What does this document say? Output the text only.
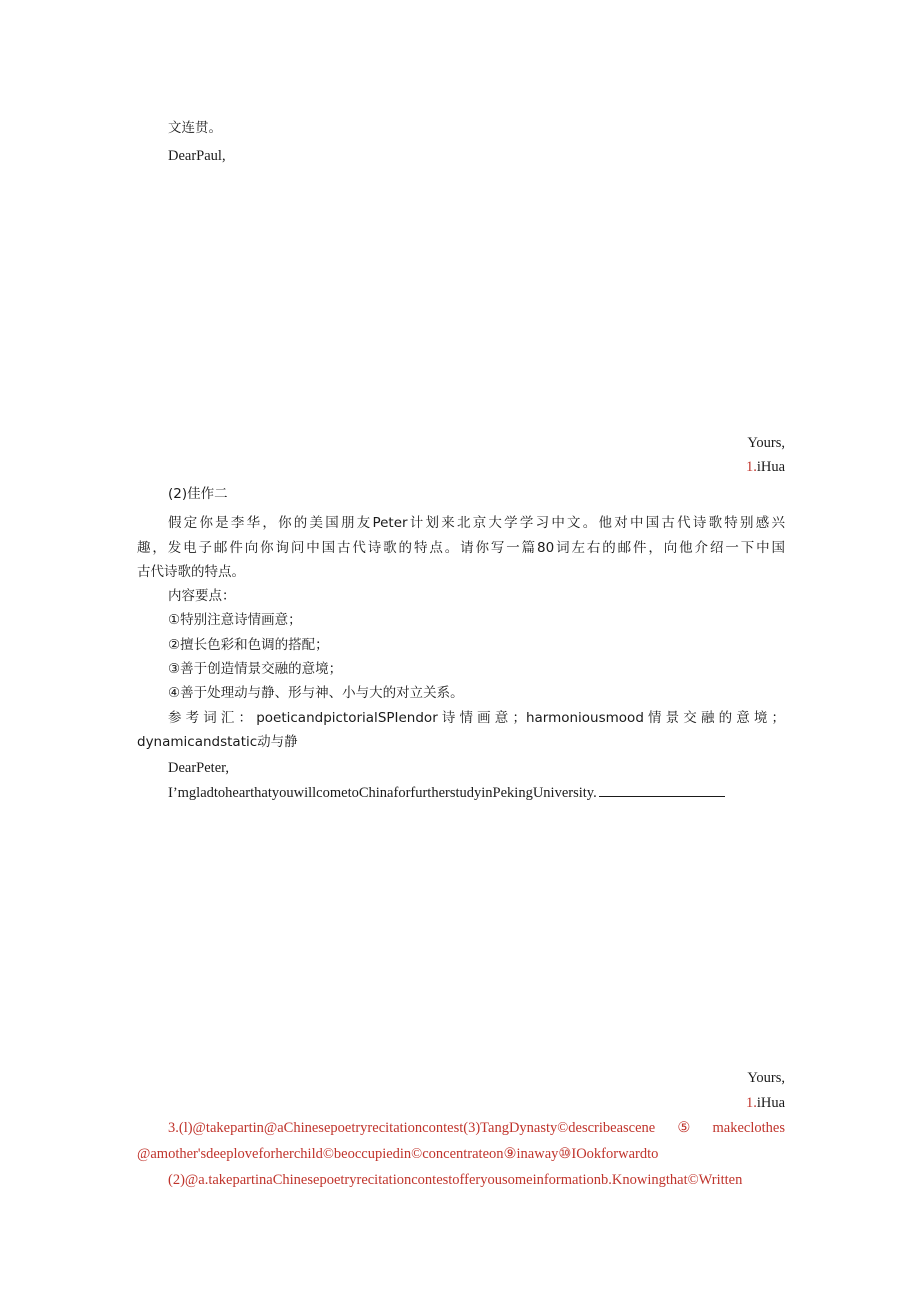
文连贯。
DearPaul,
Yours,
1.iHua
(2)佳作二
假定你是李华，你的美国朋友Peter计划来北京大学学习中文。他对中国古代诗歌特别感兴
趣，发电子邮件向你询问中国古代诗歌的特点。请你写一篇80词左右的邮件，向他介绍一下中国
古代诗歌的特点。
内容要点：
①特别注意诗情画意；
②擅长色彩和色调的搭配；
③善于创造情景交融的意境；
④善于处理动与静、形与神、小与大的对立关系。
参考词汇：poeticandpictorialSPIendor诗情画意；harmoniousmood情景交融的意境；
dynamicandstatic动与静
DearPeter,
I’mgladtohearthatyouwillcometoChinaforfurtherstudyinPekingUniversity.
Yours,
1.iHua
3.(l)@takepartin@aChinesepoetryrecitationcontest(3)TangDynasty©describeascene⑤makeclothes
@amother'sdeeploveforherchild©beoccupiedin©concentrateon⑨inaway⑩IOokforwardto
(2)@a.takepartinaChinesepoetryrecitationcontestofferyousomeinformationb.Knowingthat©Written
